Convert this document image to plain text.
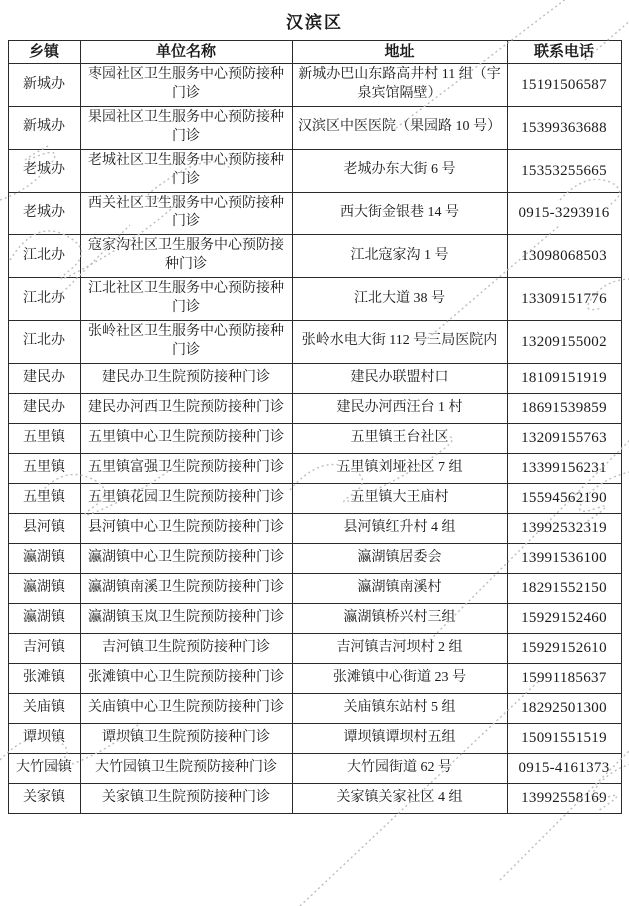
汉滨区
乡镇	单位名称	地址	联系电话
新城办	枣园社区卫生服务中心预防接种门诊	新城办巴山东路高井村 11 组（宇泉宾馆隔壁）	15191506587
新城办	果园社区卫生服务中心预防接种门诊	汉滨区中医医院（果园路 10 号）	15399363688
老城办	老城社区卫生服务中心预防接种门诊	老城办东大街 6 号	15353255665
老城办	西关社区卫生服务中心预防接种门诊	西大街金银巷 14 号	0915-3293916
江北办	寇家沟社区卫生服务中心预防接种门诊	江北寇家沟 1 号	13098068503
江北办	江北社区卫生服务中心预防接种门诊	江北大道 38 号	13309151776
江北办	张岭社区卫生服务中心预防接种门诊	张岭水电大街 112 号三局医院内	13209155002
建民办	建民办卫生院预防接种门诊	建民办联盟村口	18109151919
建民办	建民办河西卫生院预防接种门诊	建民办河西汪台 1 村	18691539859
五里镇	五里镇中心卫生院预防接种门诊	五里镇王台社区	13209155763
五里镇	五里镇富强卫生院预防接种门诊	五里镇刘垭社区 7 组	13399156231
五里镇	五里镇花园卫生院预防接种门诊	五里镇大王庙村	15594562190
县河镇	县河镇中心卫生院预防接种门诊	县河镇红升村 4 组	13992532319
瀛湖镇	瀛湖镇中心卫生院预防接种门诊	瀛湖镇居委会	13991536100
瀛湖镇	瀛湖镇南溪卫生院预防接种门诊	瀛湖镇南溪村	18291552150
瀛湖镇	瀛湖镇玉岚卫生院预防接种门诊	瀛湖镇桥兴村三组	15929152460
吉河镇	吉河镇卫生院预防接种门诊	吉河镇吉河坝村 2 组	15929152610
张滩镇	张滩镇中心卫生院预防接种门诊	张滩镇中心街道 23 号	15991185637
关庙镇	关庙镇中心卫生院预防接种门诊	关庙镇东站村 5 组	18292501300
谭坝镇	谭坝镇卫生院预防接种门诊	谭坝镇谭坝村五组	15091551519
大竹园镇	大竹园镇卫生院预防接种门诊	大竹园街道 62 号	0915-4161373
关家镇	关家镇卫生院预防接种门诊	关家镇关家社区 4 组	13992558169
